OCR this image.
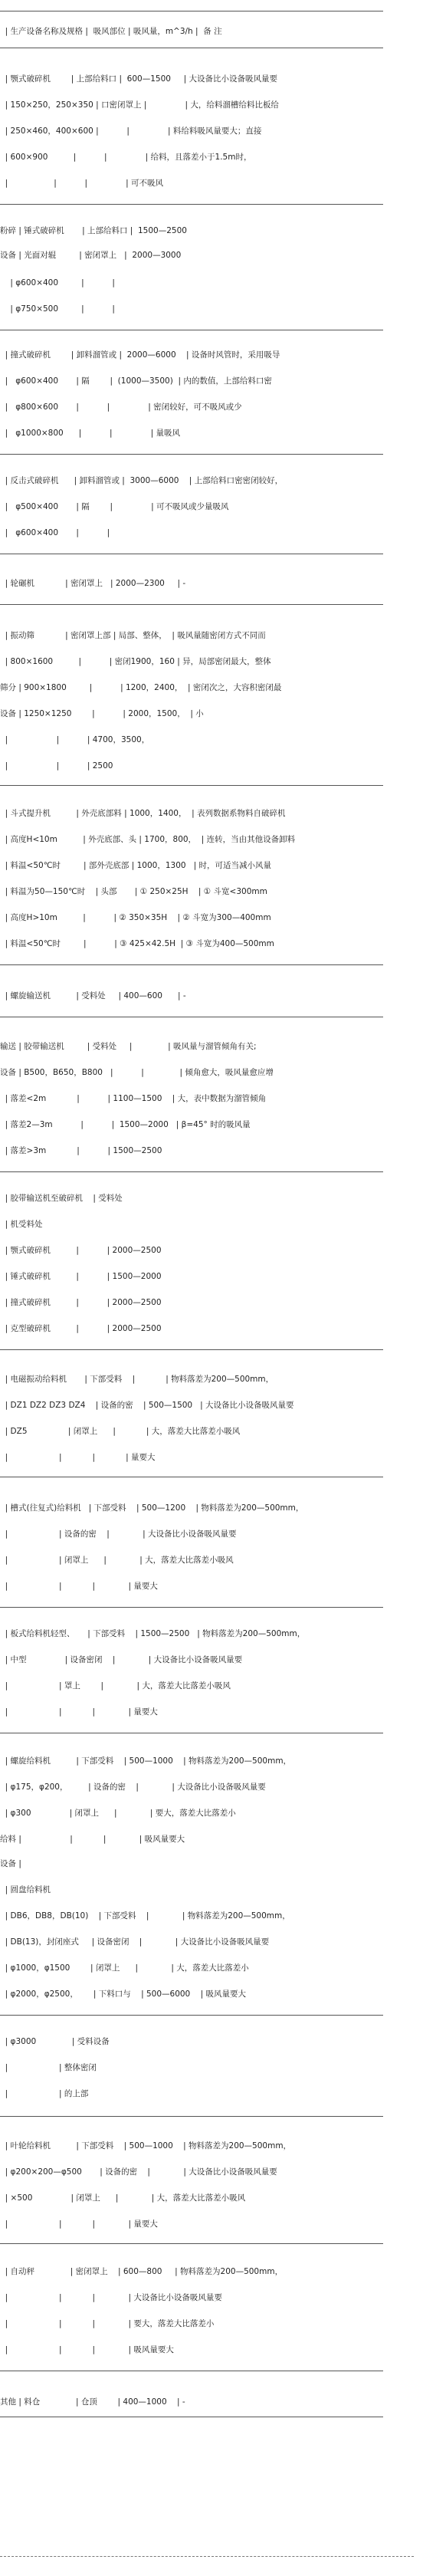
| 生产设备名称及规格 |  吸风部位 | 吸风量，m^3/h |  备 注
| 颚式破碎机        | 上部给料口 |  600—1500     | 大设备比小设备吸风量要
| 150×250，250×350 | 口密闭罩上 |               | 大，给料溜槽给料比板给
| 250×460，400×600 |           |               | 料给料吸风量要大；直接
| 600×900          |           |               | 给料，且落差小于1.5m时，
|                  |           |               | 可不吸风
粉碎 | 锤式破碎机       | 上部给料口 |  1500—2500
设备 | 光面对辊         | 密闭罩上   |  2000—3000
| φ600×400         |           |
| φ750×500         |           |
| 撞式破碎机        | 卸料溜管或 |  2000—6000    | 设备时风管时，采用吸导
|   φ600×400       | 隔        |  (1000—3500)  | 内的数值，上部给料口密
|   φ800×600       |           |               | 密闭较好，可不吸风或少
|   φ1000×800      |           |               | 量吸风
| 反击式破碎机      | 卸料溜管或 |  3000—6000    | 上部给料口密密闭较好，
|   φ500×400       | 隔        |               | 可不吸风或少量吸风
|   φ600×400       |           |
| 轮碾机            | 密闭罩上   | 2000—2300     | -
| 振动筛            | 密闭罩上部 | 局部、整体，  | 吸风量随密闭方式不同而
| 800×1600          |           | 密闭1900，160 | 异，局部密闭最大，整体
筛分 | 900×1800         |           | 1200，2400，  | 密闭次之，大容积密闭最
设备 | 1250×1250        |           | 2000，1500，  | 小
|                   |           | 4700，3500，
|                   |           | 2500
| 斗式提升机          | 外壳底部料 | 1000，1400，  | 表列数据系物料自破碎机
| 高度H<10m          | 外壳底部、头 | 1700，800，  | 连转，当由其他设备卸料
| 料温<50℃时         | 部外壳底部 | 1000，1300   | 时，可适当减小风量
| 料温为50—150℃时    | 头部       | ① 250×25H    | ① 斗宽<300mm
| 高度H>10m          |           | ② 350×35H    | ② 斗宽为300—400mm
| 料温<50℃时         |           | ③ 425×42.5H  | ③ 斗宽为400—500mm
| 螺旋输送机          | 受料处     | 400—600      | -
输送 | 胶带输送机         | 受料处     |              | 吸风量与溜管倾角有关;
设备 | B500，B650，B800   |           |              | 倾角愈大，吸风量愈应增
| 落差<2m            |           | 1100—1500    | 大，表中数据为溜管倾角
| 落差2—3m           |           |  1500—2000   | β=45° 时的吸风量
| 落差>3m            |           | 1500—2500
| 胶带输送机至破碎机    | 受料处
| 机受料处
| 颚式破碎机          |           | 2000—2500
| 锤式破碎机          |           | 1500—2000
| 撞式破碎机          |           | 2000—2500
| 克型破碎机          |           | 2000—2500
| 电磁振动给料机       | 下部受料    |            | 物料落差为200—500mm，
| DZ1 DZ2 DZ3 DZ4    | 设备的密    | 500—1500   | 大设备比小设备吸风量要
| DZ5                | 闭罩上      |            | 大，落差大比落差小吸风
|                    |            |            | 量要大
| 槽式(往复式)给料机   | 下部受料    | 500—1200    | 物料落差为200—500mm，
|                    | 设备的密    |             | 大设备比小设备吸风量要
|                    | 闭罩上      |             | 大，落差大比落差小吸风
|                    |            |             | 量要大
| 板式给料机轻型、     | 下部受料    | 1500—2500   | 物料落差为200—500mm，
| 中型               | 设备密闭    |             | 大设备比小设备吸风量要
|                    | 罩上        |             | 大，落差大比落差小吸风
|                    |            |             | 量要大
| 螺旋给料机          | 下部受料    | 500—1000    | 物料落差为200—500mm，
| φ175，φ200，        | 设备的密    |             | 大设备比小设备吸风量要
| φ300               | 闭罩上      |             | 要大，落差大比落差小
给料 |                   |            |             | 吸风量要大
设备 |
| 圆盘给料机
| DB6，DB8，DB(10)    | 下部受料    |             | 物料落差为200—500mm，
| DB(13)，封闭座式     | 设备密闭    |             | 大设备比小设备吸风量要
| φ1000，φ1500        | 闭罩上      |             | 大，落差大比落差小
| φ2000，φ2500，      | 下料口与    | 500—6000    | 吸风量要大
| φ3000              | 受料设备
|                    | 整体密闭
|                    | 的上部
| 叶轮给料机          | 下部受料    | 500—1000    | 物料落差为200—500mm，
| φ200×200—φ500       | 设备的密    |             | 大设备比小设备吸风量要
| ×500               | 闭罩上      |             | 大，落差大比落差小吸风
|                    |            |             | 量要大
| 自动秤              | 密闭罩上    | 600—800     | 物料落差为200—500mm，
|                    |            |             | 大设备比小设备吸风量要
|                    |            |             | 要大，落差大比落差小
|                    |            |             | 吸风量要大
其他 | 料仓              | 仓顶        | 400—1000    | -
